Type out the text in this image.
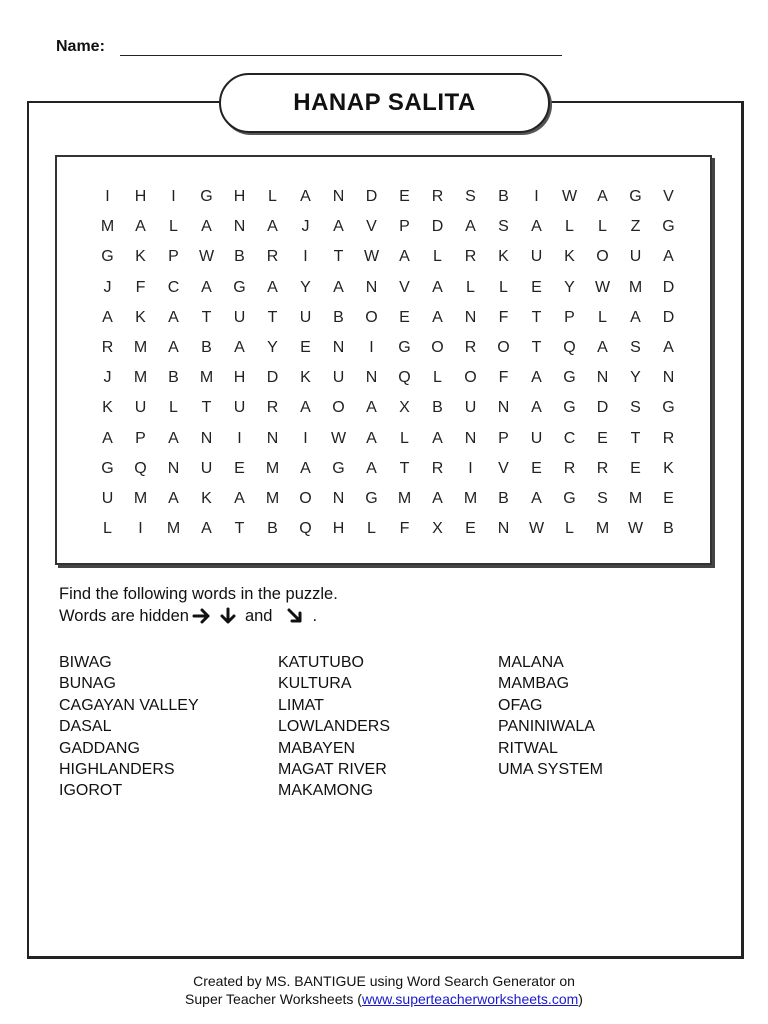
Name:
HANAP SALITA
I	H	I	G	H	L	A	N	D	E	R	S	B	I	W	A	G	V
M	A	L	A	N	A	J	A	V	P	D	A	S	A	L	L	Z	G
G	K	P	W	B	R	I	T	W	A	L	R	K	U	K	O	U	A
J	F	C	A	G	A	Y	A	N	V	A	L	L	E	Y	W	M	D
A	K	A	T	U	T	U	B	O	E	A	N	F	T	P	L	A	D
R	M	A	B	A	Y	E	N	I	G	O	R	O	T	Q	A	S	A
J	M	B	M	H	D	K	U	N	Q	L	O	F	A	G	N	Y	N
K	U	L	T	U	R	A	O	A	X	B	U	N	A	G	D	S	G
A	P	A	N	I	N	I	W	A	L	A	N	P	U	C	E	T	R
G	Q	N	U	E	M	A	G	A	T	R	I	V	E	R	R	E	K
U	M	A	K	A	M	O	N	G	M	A	M	B	A	G	S	M	E
L	I	M	A	T	B	Q	H	L	F	X	E	N	W	L	M	W	B
Find the following words in the puzzle.
Words are hidden	and .
BIWAG
BUNAG
CAGAYAN VALLEY
DASAL
GADDANG
HIGHLANDERS
IGOROT
KATUTUBO
KULTURA
LIMAT
LOWLANDERS
MABAYEN
MAGAT RIVER
MAKAMONG
MALANA
MAMBAG
OFAG
PANINIWALA
RITWAL
UMA SYSTEM
Created by MS. BANTIGUE using Word Search Generator on
Super Teacher Worksheets (www.superteacherworksheets.com)
